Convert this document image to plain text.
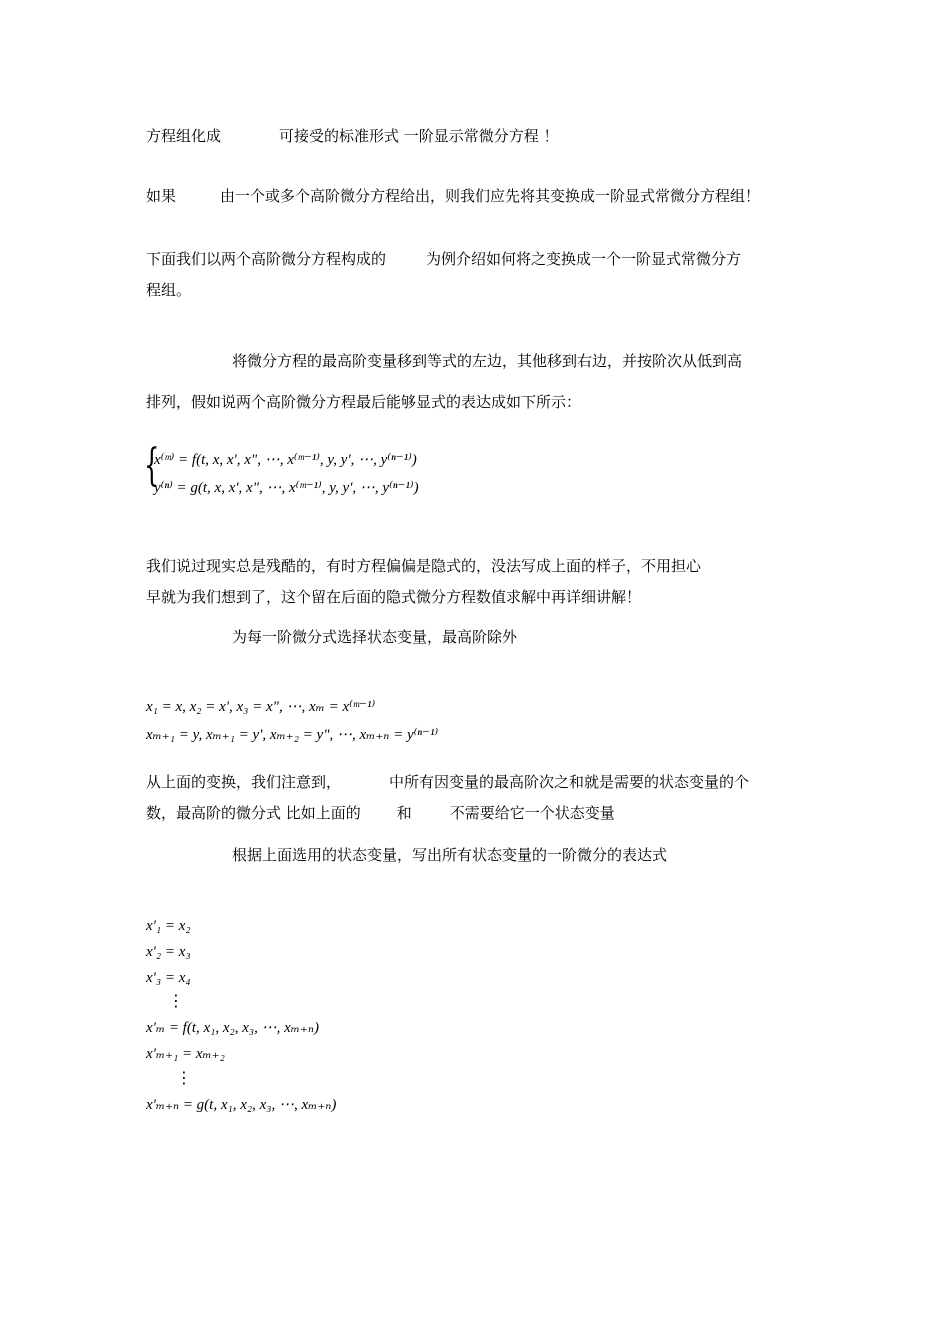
方程组化成	可接受的标准形式 一阶显示常微分方程 ！
如果	由一个或多个高阶微分方程给出，则我们应先将其变换成一阶显式常微分方程组！
下面我们以两个高阶微分方程构成的	为例介绍如何将之变换成一个一阶显式常微分方
程组。
将微分方程的最高阶变量移到等式的左边，其他移到右边，并按阶次从低到高
排列，假如说两个高阶微分方程最后能够显式的表达成如下所示：
{
x⁽ᵐ⁾ = f(t, x, x', x", ⋯, x⁽ᵐ⁻¹⁾, y, y', ⋯, y⁽ⁿ⁻¹⁾)
y⁽ⁿ⁾ = g(t, x, x', x", ⋯, x⁽ᵐ⁻¹⁾, y, y', ⋯, y⁽ⁿ⁻¹⁾)
我们说过现实总是残酷的，有时方程偏偏是隐式的，没法写成上面的样子，不用担心
早就为我们想到了，这个留在后面的隐式微分方程数值求解中再详细讲解！
为每一阶微分式选择状态变量，最高阶除外
x₁ = x, x₂ = x', x₃ = x", ⋯, xₘ = x⁽ᵐ⁻¹⁾
xₘ₊₁ = y, xₘ₊₁ = y', xₘ₊₂ = y", ⋯, xₘ₊ₙ = y⁽ⁿ⁻¹⁾
从上面的变换，我们注意到，	中所有因变量的最高阶次之和就是需要的状态变量的个
数，最高阶的微分式 比如上面的 和	不需要给它一个状态变量
根据上面选用的状态变量，写出所有状态变量的一阶微分的表达式
x'₁ = x₂
x'₂ = x₃
x'₃ = x₄
⋮
x'ₘ = f(t, x₁, x₂, x₃, ⋯, xₘ₊ₙ)
x'ₘ₊₁ = xₘ₊₂
⋮
x'ₘ₊ₙ = g(t, x₁, x₂, x₃, ⋯, xₘ₊ₙ)
